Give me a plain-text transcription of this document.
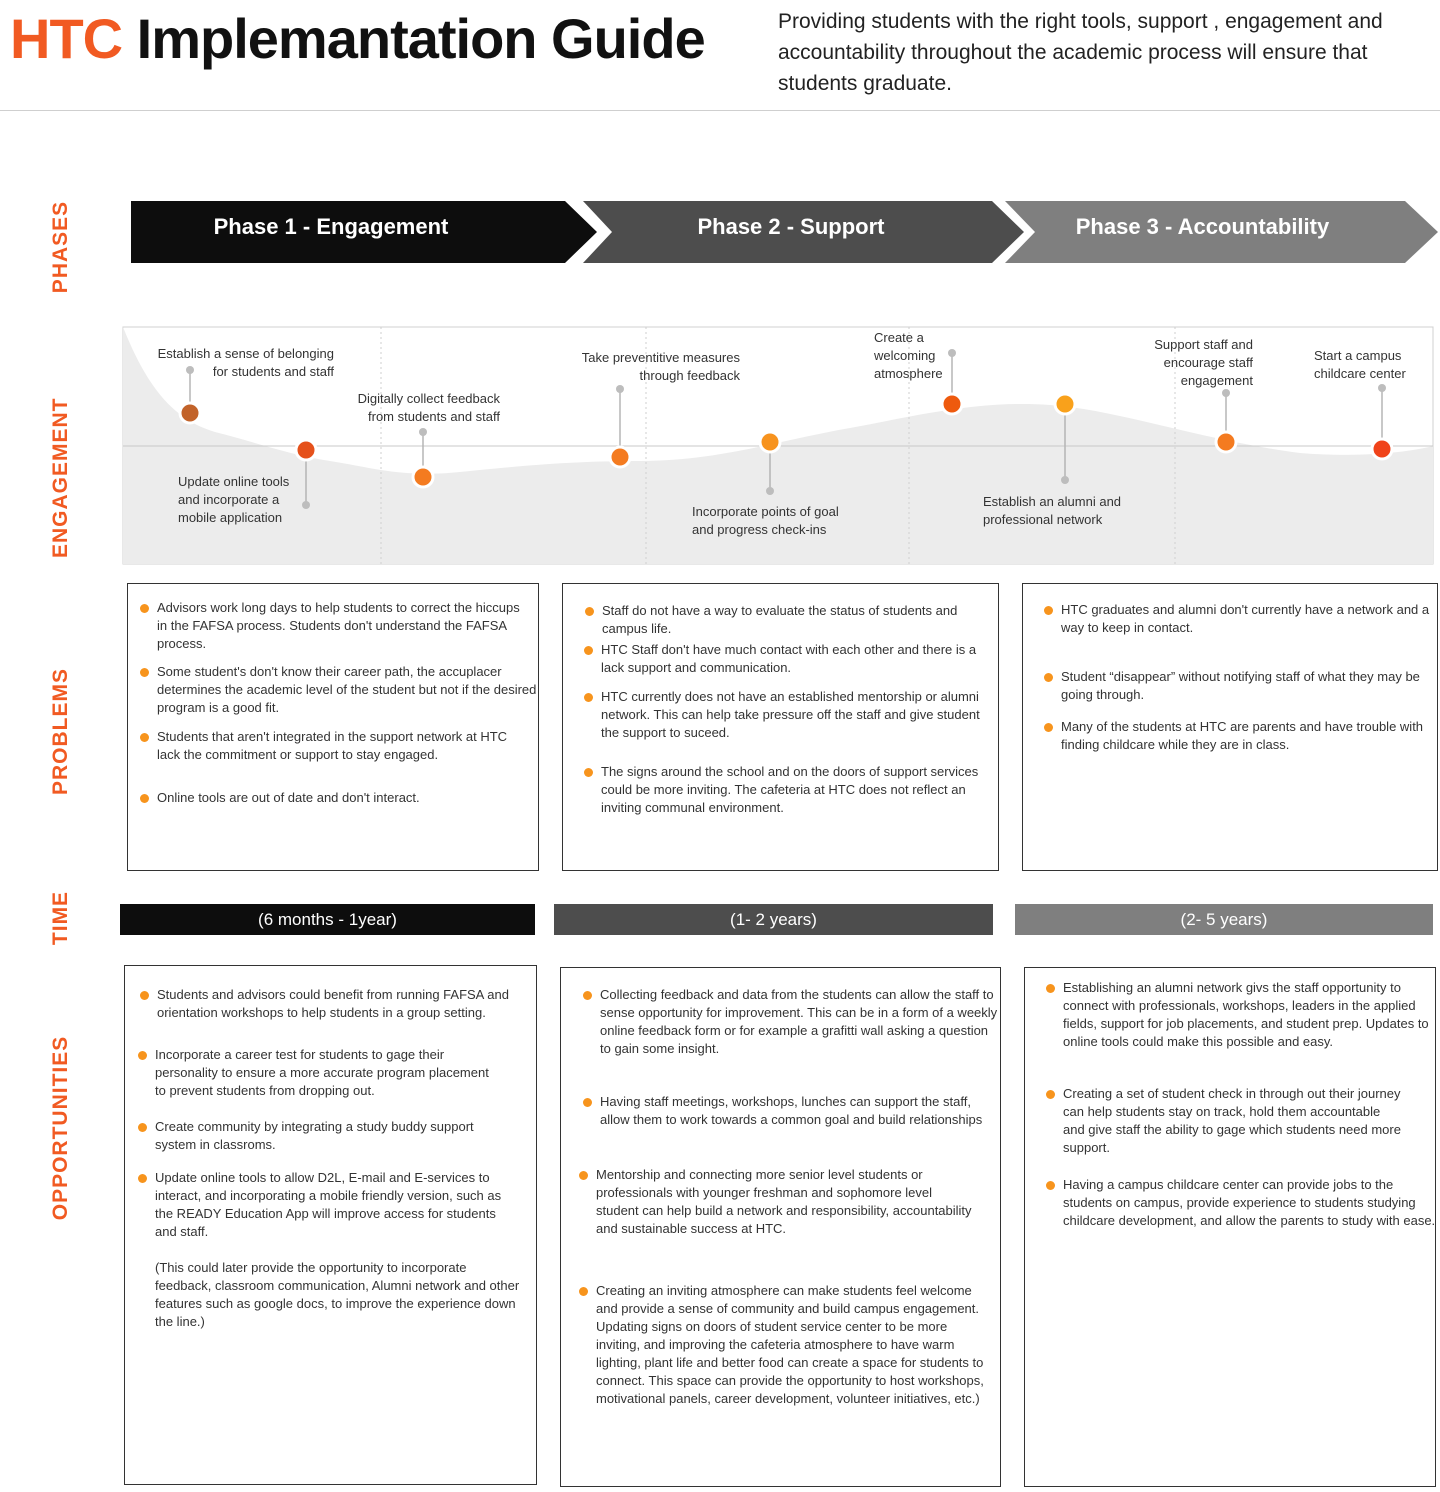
HTC Implemantation Guide	Providing students with the right tools, support , engagement and accountability throughout the academic process will ensure that students graduate.
PHASES
ENGAGEMENT
PROBLEMS
TIME
OPPORTUNITIES
Phase 1 - Engagement	Phase 2 - Support	Phase 3 - Accountability
Establish a sense of belonging
for students and staff
Update online tools
and incorporate a
mobile application
Digitally collect feedback
from students and staff
Take preventitive measures
through feedback
Incorporate points of goal
and progress check-ins
Create a
welcoming
atmosphere
Establish an alumni and
professional network
Support staff and
encourage staff
engagement
Start a campus
childcare center
Advisors work long days to help students to correct the hiccups in the FAFSA process. Students don't understand the FAFSA process.
Some student's don't know their career path, the accuplacer determines the academic level of the student but not if the desired program is a good fit.
Students that aren't integrated in the support network at HTC lack the commitment or support to stay engaged.
Online tools are out of date and don't interact.
Staff do not have a way to evaluate the status of students and campus life.
HTC Staff don't have much contact with each other and there is a lack support and communication.
HTC currently does not have an established mentorship or alumni network. This can help take pressure off the staff and give student the support to suceed.
The signs around the school and on the doors of support services could be more inviting. The cafeteria at HTC does not reflect an inviting communal environment.
HTC graduates and alumni don't currently have a network and a way to keep in contact.
Student “disappear” without notifying staff of what they may be going through.
Many of the students at HTC are parents and have trouble with finding childcare while they are in class.
(6 months - 1year)	(1- 2 years)	(2- 5 years)
Students and advisors could benefit from running FAFSA and orientation workshops to help students in a group setting.
Incorporate a career test for students to gage their personality to ensure a more accurate program placement to prevent students from dropping out.
Create community by integrating a study buddy support system in classroms.
Update online tools to allow D2L, E-mail and E-services to interact, and incorporating a mobile friendly version, such as the READY Education App will improve access for students and staff.
(This could later provide the opportunity to incorporate feedback, classroom communication, Alumni network and other features such as google docs, to improve the experience down the line.)
Collecting feedback and data from the students can allow the staff to sense opportunity for improvement. This can be in a form of a weekly online feedback form or for example a grafitti wall asking a question to gain some insight.
Having staff meetings, workshops, lunches can support the staff, allow them to work towards a common goal and build relationships
Mentorship and connecting more senior level students or professionals with younger freshman and sophomore level student can help build a network and responsibility, accountability and sustainable success at HTC.
Creating an inviting atmosphere can make students feel welcome and provide a sense of community and build campus engagement.
Updating signs on doors of student service center to be more inviting, and improving the cafeteria atmosphere to have warm lighting, plant life and better food can create a space for students to connect. This space can provide the opportunity to host workshops, motivational panels, career development, volunteer initiatives, etc.)
Establishing an alumni network givs the staff opportunity to connect with professionals, workshops, leaders in the applied fields, support for job placements, and student prep. Updates to online tools could make this possible and easy.
Creating a set of student check in through out their journey can help students stay on track, hold them accountable and give staff the ability to gage which students need more support.
Having a campus childcare center can provide jobs to the students on campus, provide experience to students studying childcare development, and allow the parents to study with ease.
